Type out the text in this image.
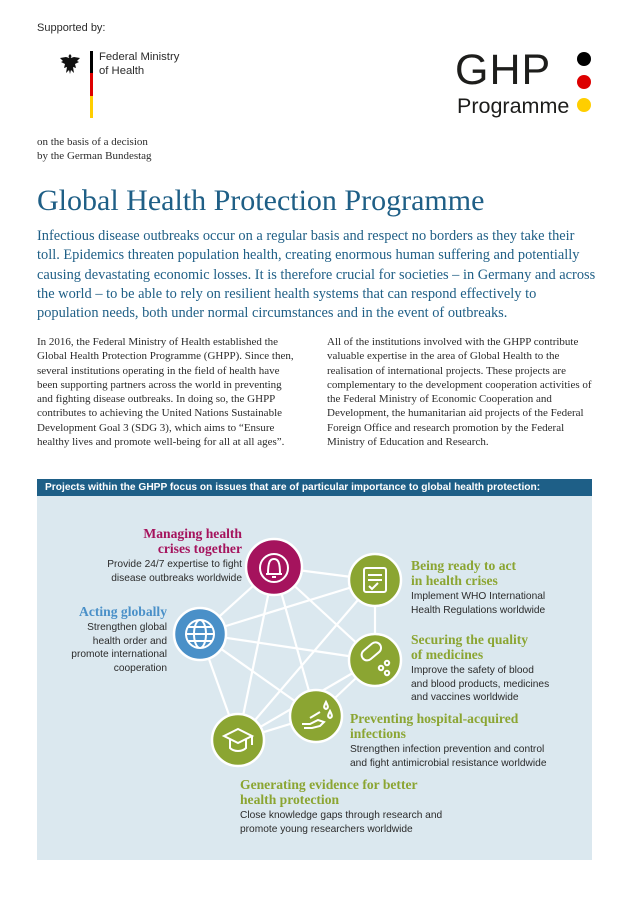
Supported by:
Federal Ministry
of Health
on the basis of a decision
by the German Bundestag
GHP
Programme
Global Health Protection Programme
Infectious disease outbreaks occur on a regular basis and respect no borders as they take their toll. Epidemics threaten population health, creating enormous human suffering and potentially causing devastating economic losses. It is therefore crucial for societies – in Germany and across the world – to be able to rely on resilient health systems that can respond effectively to population needs, both under normal circumstances and in the event of outbreaks.
In 2016, the Federal Ministry of Health established the Global Health Protection Programme (GHPP). Since then, several institutions operating in the field of health have been supporting partners across the world in preventing and fighting disease outbreaks. In doing so, the GHPP contributes to achieving the United Nations Sustainable Development Goal 3 (SDG 3), which aims to “Ensure healthy lives and promote well-being for all at all ages”.
All of the institutions involved with the GHPP contribute valuable expertise in the area of Global Health to the realisation of international projects. These projects are complementary to the development cooperation activities of the Federal Ministry of Economic Cooperation and Development, the humanitarian aid projects of the Federal Foreign Office and research promotion by the Federal Ministry of Education and Research.
Projects within the GHPP focus on issues that are of particular importance to global health protection:
Managing health
crises together
Provide 24/7 expertise to fight
disease outbreaks worldwide
Being ready to act
in health crises
Implement WHO International
Health Regulations worldwide
Acting globally
Strengthen global
health order and
promote international
cooperation
Securing the quality
of medicines
Improve the safety of blood
and blood products, medicines
and vaccines worldwide
Preventing hospital-acquired
infections
Strengthen infection prevention and control
and fight antimicrobial resistance worldwide
Generating evidence for better
health protection
Close knowledge gaps through research and
promote young researchers worldwide
